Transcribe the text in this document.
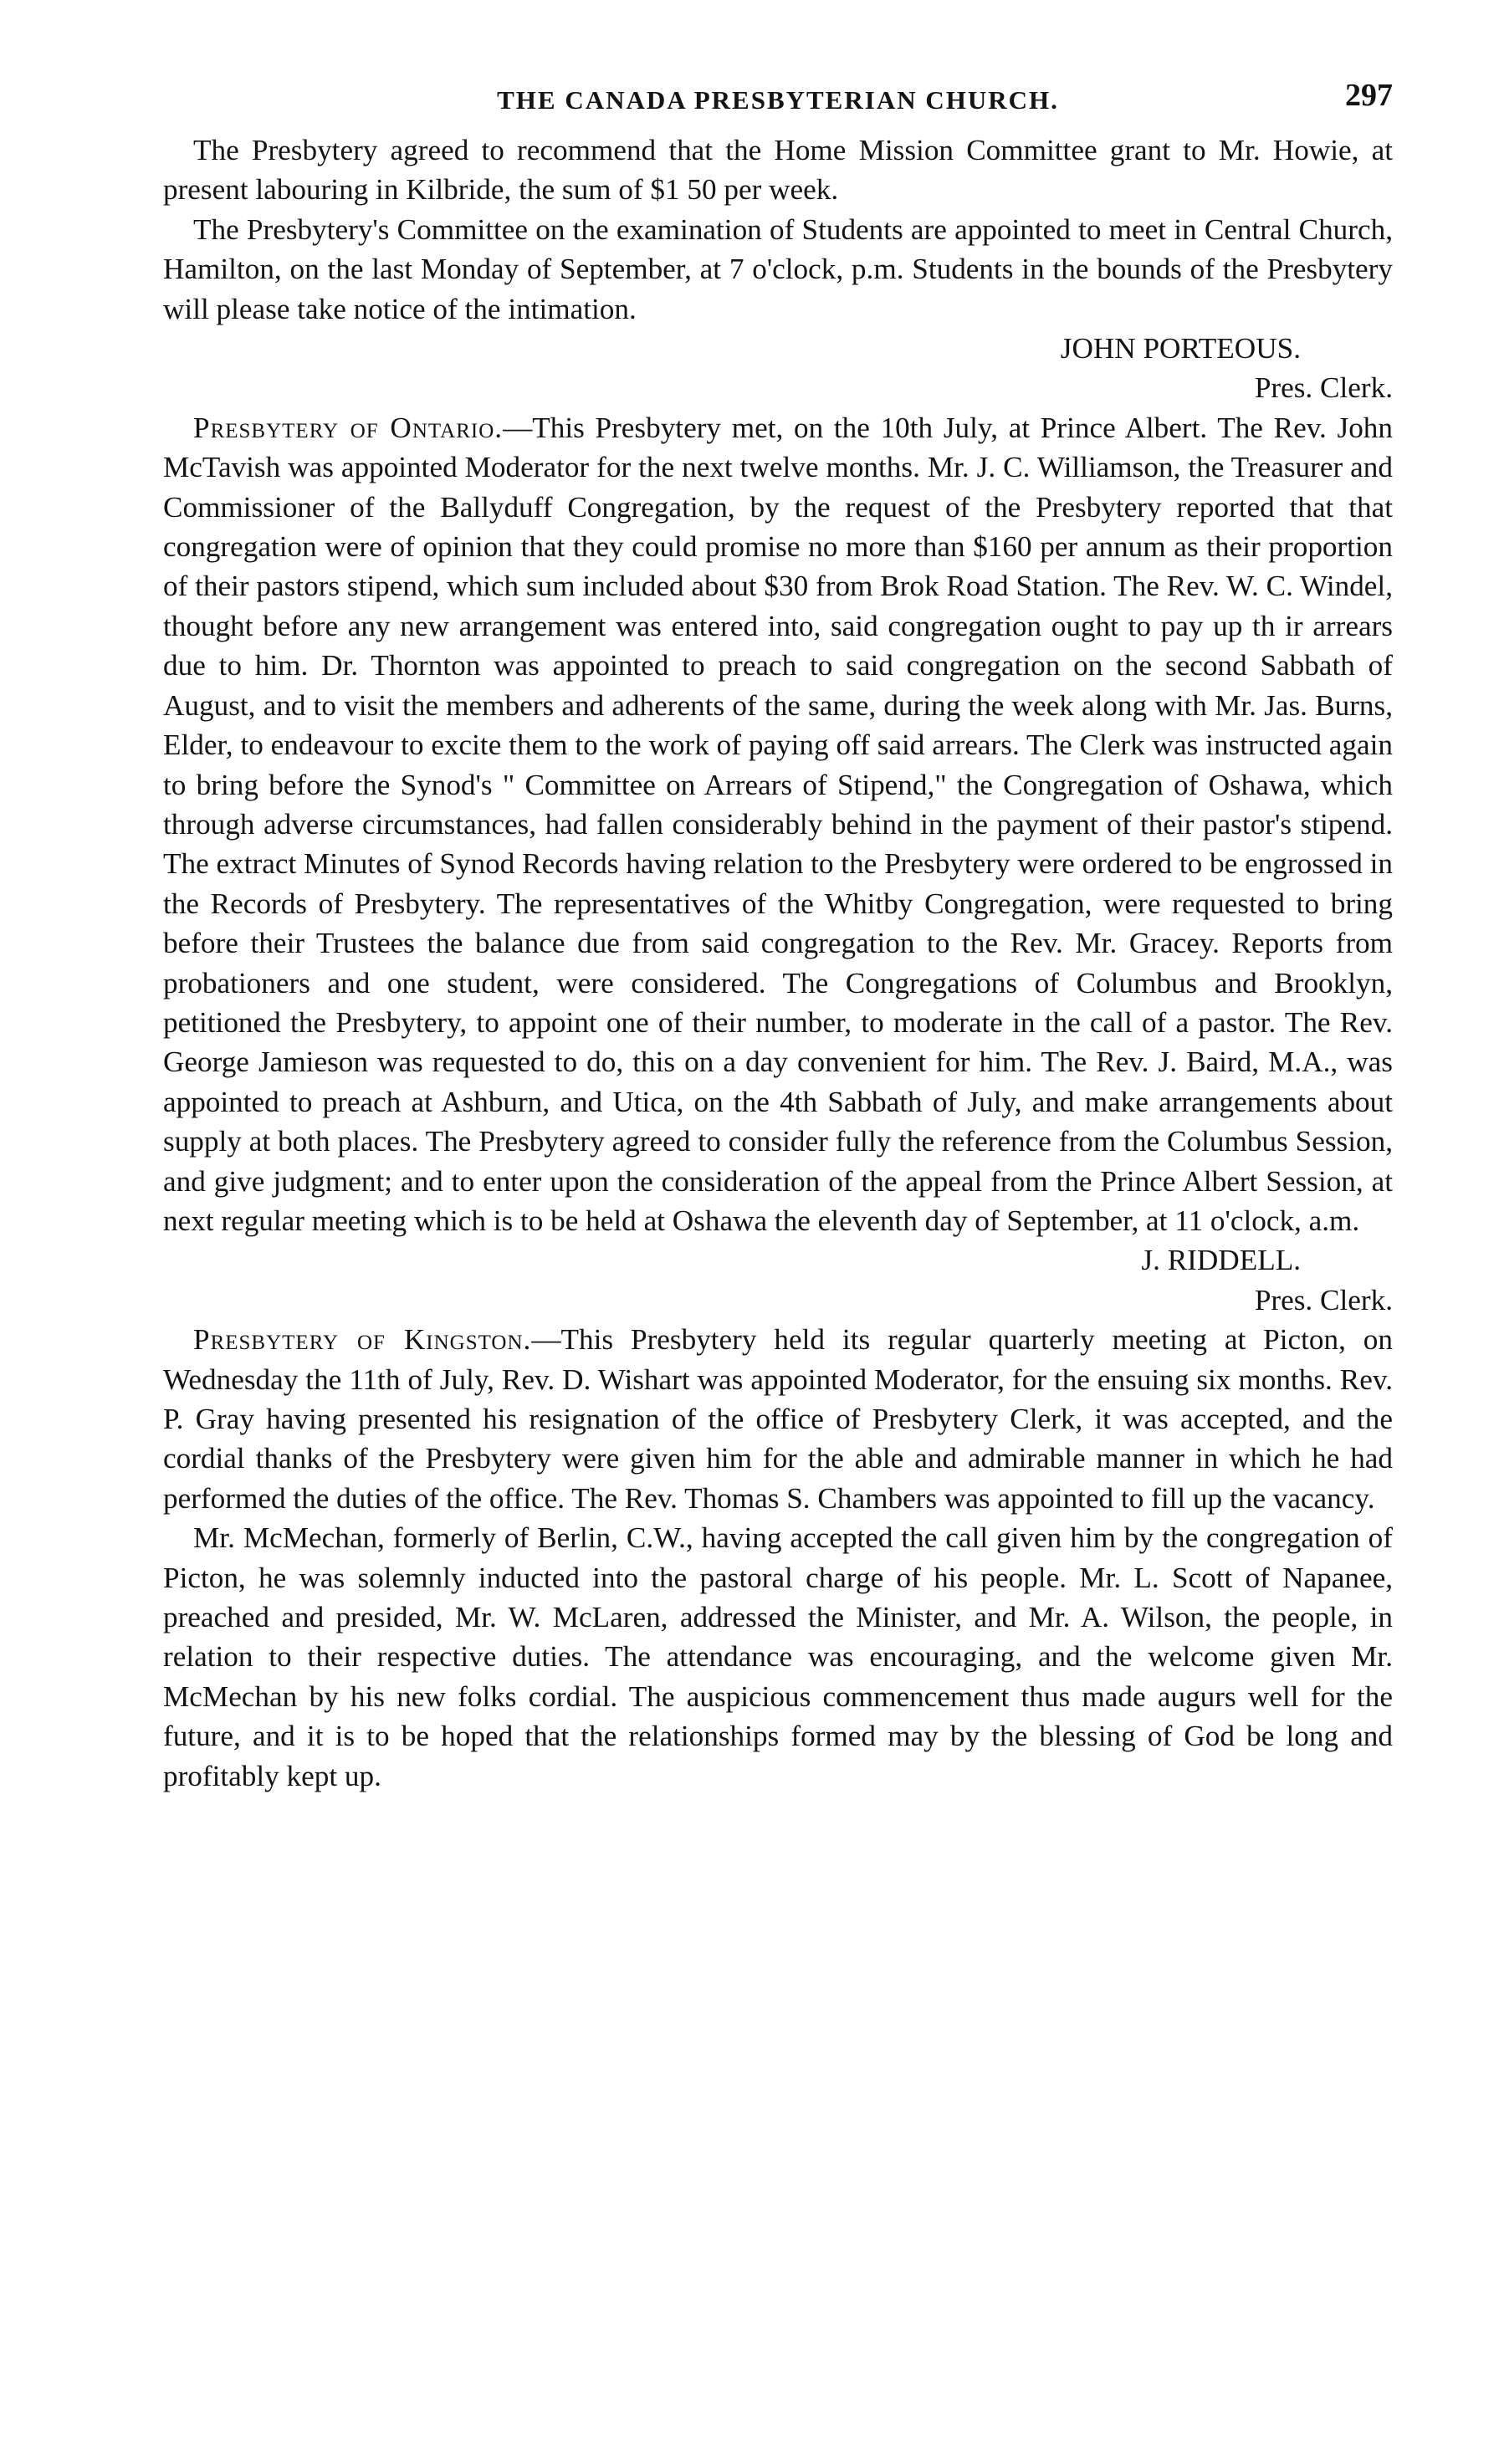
THE CANADA PRESBYTERIAN CHURCH.	297

The Presbytery agreed to recommend that the Home Mission Committee grant to Mr. Howie, at present labouring in Kilbride, the sum of $1 50 per week.

The Presbytery's Committee on the examination of Students are appointed to meet in Central Church, Hamilton, on the last Monday of September, at 7 o'clock, p.m. Students in the bounds of the Presbytery will please take notice of the intimation.

JOHN PORTEOUS.

Pres. Clerk.

Presbytery of Ontario.—This Presbytery met, on the 10th July, at Prince Albert. The Rev. John McTavish was appointed Moderator for the next twelve months. Mr. J. C. Williamson, the Treasurer and Commissioner of the Ballyduff Congregation, by the request of the Presbytery reported that that congregation were of opinion that they could promise no more than $160 per annum as their proportion of their pastors stipend, which sum included about $30 from Brok Road Station. The Rev. W. C. Windel, thought before any new arrangement was entered into, said congregation ought to pay up th ir arrears due to him. Dr. Thornton was appointed to preach to said congregation on the second Sabbath of August, and to visit the members and adherents of the same, during the week along with Mr. Jas. Burns, Elder, to endeavour to excite them to the work of paying off said arrears. The Clerk was instructed again to bring before the Synod's " Committee on Arrears of Stipend," the Congregation of Oshawa, which through adverse circumstances, had fallen considerably behind in the payment of their pastor's stipend. The extract Minutes of Synod Records having relation to the Presbytery were ordered to be engrossed in the Records of Presbytery. The representatives of the Whitby Congregation, were requested to bring before their Trustees the balance due from said congregation to the Rev. Mr. Gracey. Reports from probationers and one student, were considered. The Congregations of Columbus and Brooklyn, petitioned the Presbytery, to appoint one of their number, to moderate in the call of a pastor. The Rev. George Jamieson was requested to do, this on a day convenient for him. The Rev. J. Baird, M.A., was appointed to preach at Ashburn, and Utica, on the 4th Sabbath of July, and make arrangements about supply at both places. The Presbytery agreed to consider fully the reference from the Columbus Session, and give judgment; and to enter upon the consideration of the appeal from the Prince Albert Session, at next regular meeting which is to be held at Oshawa the eleventh day of September, at 11 o'clock, a.m.

J. RIDDELL.

Pres. Clerk.

Presbytery of Kingston.—This Presbytery held its regular quarterly meeting at Picton, on Wednesday the 11th of July, Rev. D. Wishart was appointed Moderator, for the ensuing six months. Rev. P. Gray having presented his resignation of the office of Presbytery Clerk, it was accepted, and the cordial thanks of the Presbytery were given him for the able and admirable manner in which he had performed the duties of the office. The Rev. Thomas S. Chambers was appointed to fill up the vacancy.

Mr. McMechan, formerly of Berlin, C.W., having accepted the call given him by the congregation of Picton, he was solemnly inducted into the pastoral charge of his people. Mr. L. Scott of Napanee, preached and presided, Mr. W. McLaren, addressed the Minister, and Mr. A. Wilson, the people, in relation to their respective duties. The attendance was encouraging, and the welcome given Mr. McMechan by his new folks cordial. The auspicious commencement thus made augurs well for the future, and it is to be hoped that the relationships formed may by the blessing of God be long and profitably kept up.
